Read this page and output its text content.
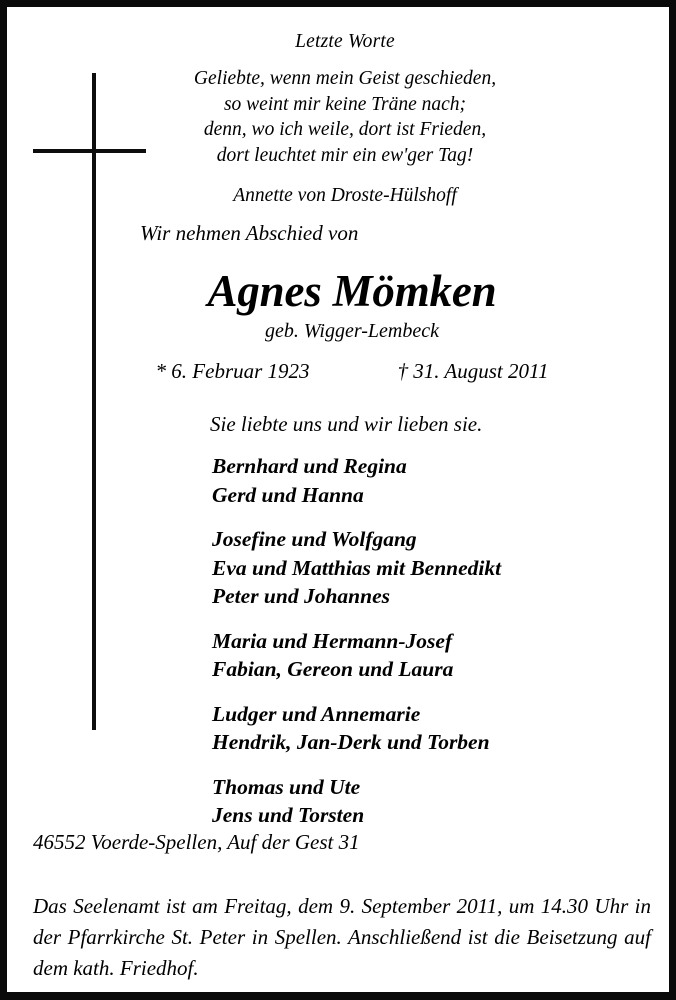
Letzte Worte
Geliebte, wenn mein Geist geschieden,
so weint mir keine Träne nach;
denn, wo ich weile, dort ist Frieden,
dort leuchtet mir ein ew'ger Tag!
Annette von Droste-Hülshoff
Wir nehmen Abschied von
Agnes Mömken
geb. Wigger-Lembeck
* 6. Februar 1923	† 31. August 2011
Sie liebte uns und wir lieben sie.
Bernhard und Regina
Gerd und Hanna
Josefine und Wolfgang
Eva und Matthias mit Bennedikt
Peter und Johannes
Maria und Hermann-Josef
Fabian, Gereon und Laura
Ludger und Annemarie
Hendrik, Jan-Derk und Torben
Thomas und Ute
Jens und Torsten
46552 Voerde-Spellen, Auf der Gest 31
Das Seelenamt ist am Freitag, dem 9. September 2011, um 14.30 Uhr in der Pfarrkirche St. Peter in Spellen. Anschließend ist die Beisetzung auf dem kath. Friedhof.
